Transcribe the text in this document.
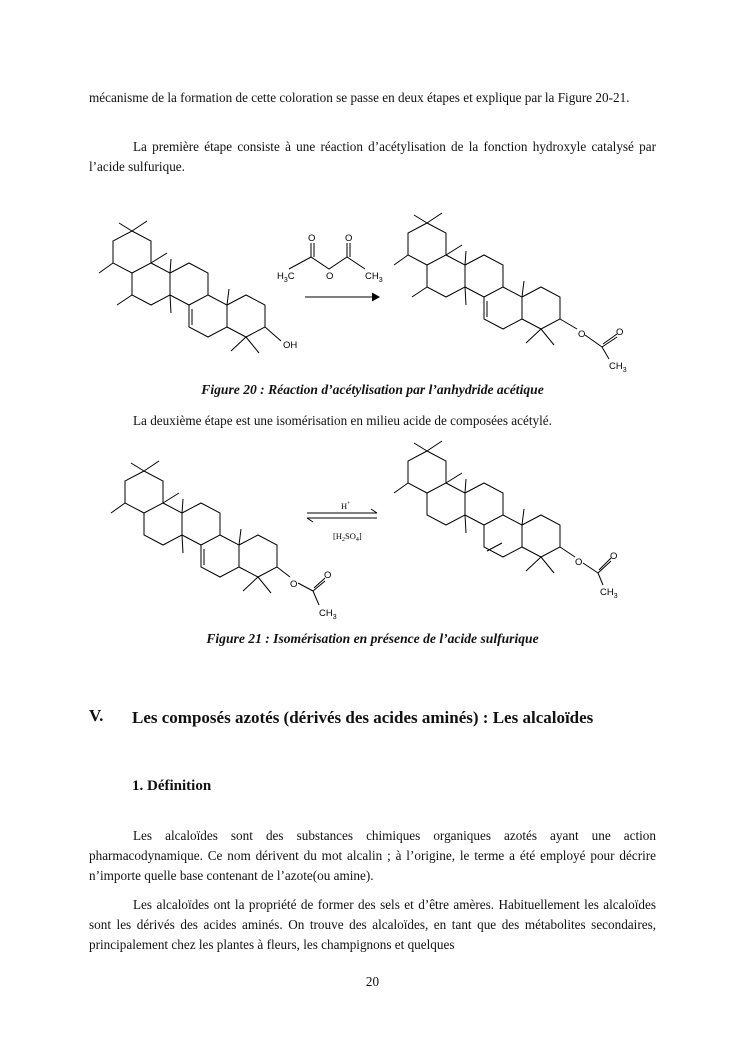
mécanisme de la formation de cette coloration se passe en deux étapes et explique par la Figure 20-21.

La première étape consiste à une réaction d’acétylisation de la fonction hydroxyle catalysé par l’acide sulfurique.

OH
O	O
O
H3C	CH3
O	O
CH3

Figure 20 : Réaction d’acétylisation par l’anhydride acétique

La deuxième étape est une isomérisation en milieu acide de composées acétylé.

O
O
CH3
H+
[H2SO4]
O
O
CH3

Figure 21 : Isomérisation en présence de l’acide sulfurique

V. Les composés azotés (dérivés des acides aminés) : Les alcaloïdes
1. Définition

Les alcaloïdes sont des substances chimiques organiques azotés ayant une action pharmacodynamique. Ce nom dérivent du mot alcalin ; à l’origine, le terme a été employé pour décrire n’importe quelle base contenant de l’azote(ou amine).

Les alcaloïdes ont la propriété de former des sels et d’être amères. Habituellement les alcaloïdes sont les dérivés des acides aminés. On trouve des alcaloïdes, en tant que des métabolites secondaires, principalement chez les plantes à fleurs, les champignons et quelques

20
